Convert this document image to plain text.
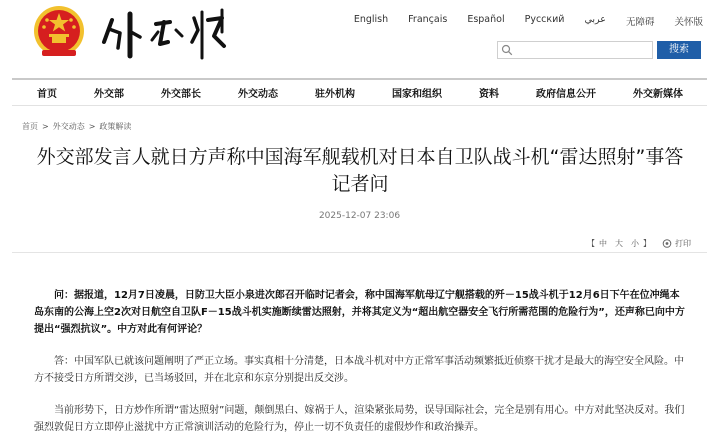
English Français Español Русский عربي 无障碍 关怀版
搜索
首页	外交部	外交部长	外交动态	驻外机构	国家和组织	资料	政府信息公开	外交新媒体
首页 > 外交动态 > 政策解读
外交部发言人就日方声称中国海军舰载机对日本自卫队战斗机“雷达照射”事答记者问
2025-12-07 23:06
【 中 大 小 】	打印

问：据报道，12月7日凌晨，日防卫大臣小泉进次郎召开临时记者会，称中国海军航母辽宁舰搭载的歼－15战斗机于12月6日下午在位冲绳本岛东南的公海上空2次对日航空自卫队F－15战斗机实施断续雷达照射，并将其定义为“超出航空器安全飞行所需范围的危险行为”，还声称已向中方提出“强烈抗议”。中方对此有何评论？

答：中国军队已就该问题阐明了严正立场。事实真相十分清楚，日本战斗机对中方正常军事活动频繁抵近侦察干扰才是最大的海空安全风险。中方不接受日方所谓交涉，已当场驳回，并在北京和东京分别提出反交涉。

当前形势下，日方炒作所谓“雷达照射”问题，颠倒黑白、嫁祸于人，渲染紧张局势，误导国际社会，完全是别有用心。中方对此坚决反对。我们强烈敦促日方立即停止滋扰中方正常演训活动的危险行为，停止一切不负责任的虚假炒作和政治操弄。
